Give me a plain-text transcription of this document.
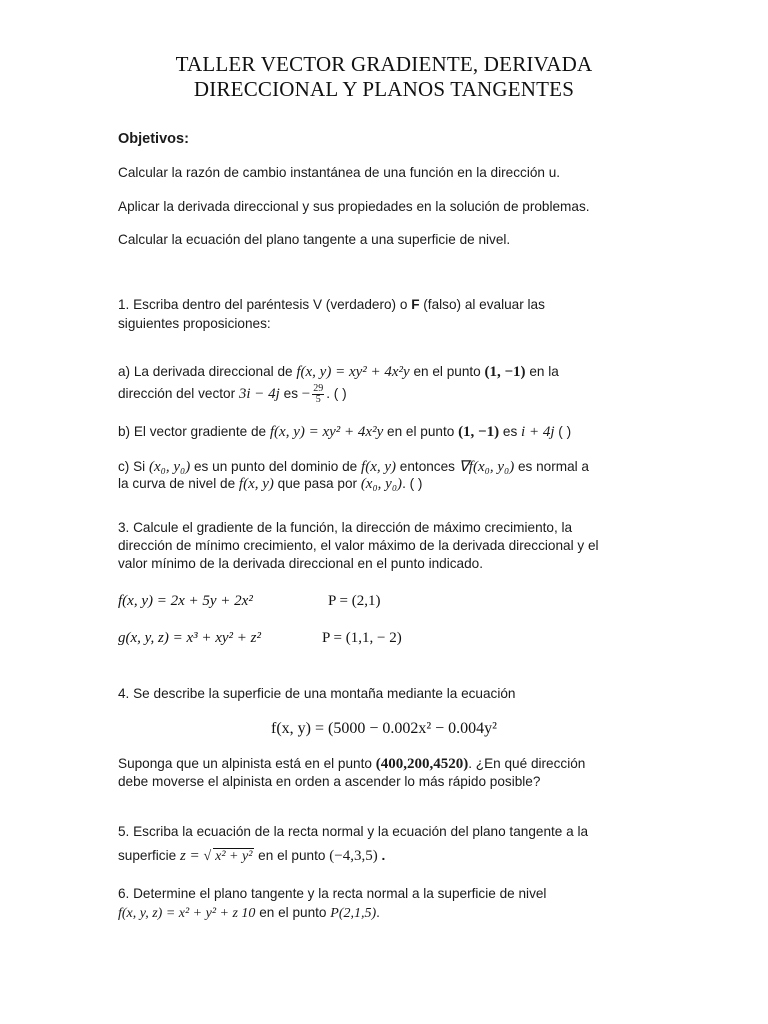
TALLER VECTOR GRADIENTE, DERIVADA
DIRECCIONAL Y PLANOS TANGENTES
Objetivos:
Calcular la razón de cambio instantánea de una función en la dirección u.
Aplicar la derivada direccional y sus propiedades en la solución de problemas.
Calcular la ecuación del plano tangente a una superficie de nivel.
1. Escriba dentro del paréntesis V (verdadero) o F (falso) al evaluar las
siguientes proposiciones:
a) La derivada direccional de f(x, y) = xy² + 4x²y en el punto (1, −1) en la
dirección del vector 3i − 4j es − $\frac{29}{5}$ . ( )
b) El vector gradiente de f(x, y) = xy² + 4x²y en el punto (1, −1) es i + 4j ( )
c) Si (x₀, y₀) es un punto del dominio de f(x, y) entonces ∇f(x₀, y₀) es normal a
la curva de nivel de f(x, y) que pasa por (x₀, y₀). ( )
3. Calcule el gradiente de la función, la dirección de máximo crecimiento, la
dirección de mínimo crecimiento, el valor máximo de la derivada direccional y el
valor mínimo de la derivada direccional en el punto indicado.
f(x, y) = 2x + 5y + 2x²	P = (2,1)
g(x, y, z) = x³ + xy² + z²	P = (1,1, − 2)
4. Se describe la superficie de una montaña mediante la ecuación
f(x, y) = (5000 − 0.002x² − 0.004y²
Suponga que un alpinista está en el punto (400,200,4520). ¿En qué dirección
debe moverse el alpinista en orden a ascender lo más rápido posible?
5. Escriba la ecuación de la recta normal y la ecuación del plano tangente a la
superficie z = √ x² + y² en el punto (−4,3,5) .
6. Determine el plano tangente y la recta normal a la superficie de nivel
f(x, y, z) = x² + y² + z 10 en el punto P(2,1,5).
